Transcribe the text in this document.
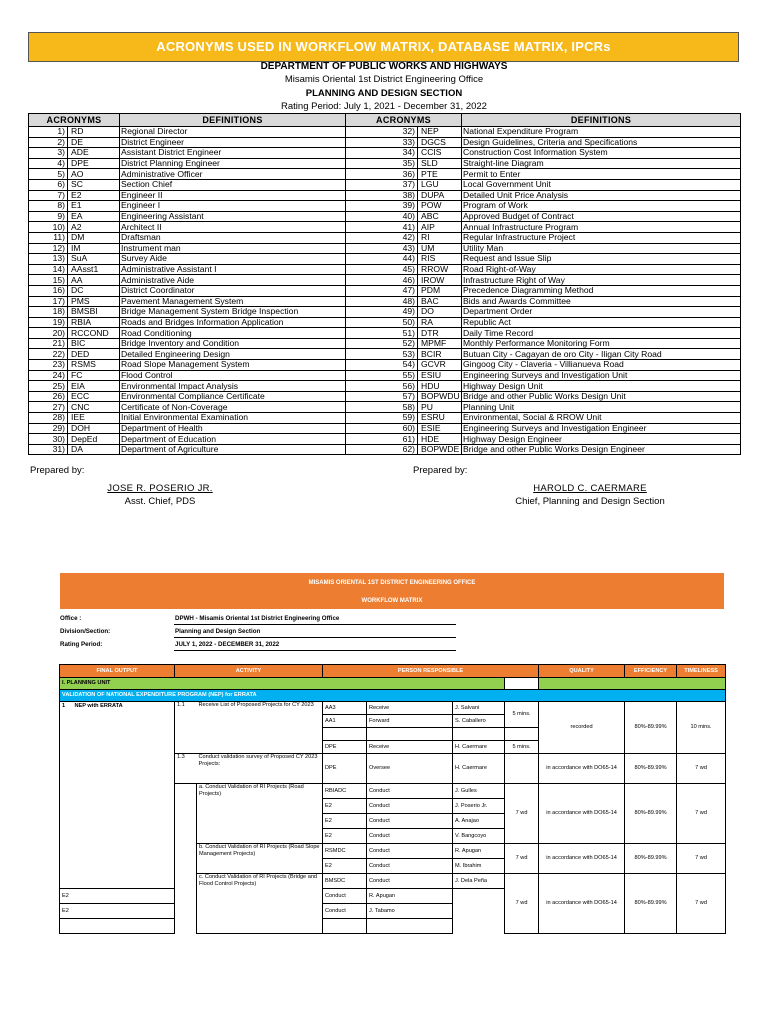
ACRONYMS USED IN WORKFLOW MATRIX, DATABASE MATRIX, IPCRs
DEPARTMENT OF PUBLIC WORKS AND HIGHWAYS
Misamis Oriental 1st District Engineering Office
PLANNING AND DESIGN SECTION
Rating Period: July 1, 2021 - December 31, 2022
ACRONYMS		DEFINITIONS	ACRONYMS		DEFINITIONS
1)	RD	Regional Director	32)	NEP	National Expenditure Program
2)	DE	District Engineer	33)	DGCS	Design Guidelines, Criteria and Specifications
3)	ADE	Assistant District Engineer	34)	CCIS	Construction Cost Information System
4)	DPE	District Planning Engineer	35)	SLD	Straight-line Diagram
5)	AO	Administrative Officer	36)	PTE	Permit to Enter
6)	SC	Section Chief	37)	LGU	Local Government Unit
7)	E2	Engineer II	38)	DUPA	Detailed Unit Price Analysis
8)	E1	Engineer I	39)	POW	Program of Work
9)	EA	Engineering Assistant	40)	ABC	Approved Budget of Contract
10)	A2	Architect II	41)	AIP	Annual Infrastructure Program
11)	DM	Draftsman	42)	RI	Regular Infrastructure Project
12)	IM	Instrument man	43)	UM	Utility Man
13)	SuA	Survey Aide	44)	RIS	Request and Issue Slip
14)	AAsst1	Administrative Assistant I	45)	RROW	Road Right-of-Way
15)	AA	Administrative Aide	46)	IROW	Infrastructure Right of Way
16)	DC	District Coordinator	47)	PDM	Precedence Diagramming Method
17)	PMS	Pavement Management System	48)	BAC	Bids and Awards Committee
18)	BMSBI	Bridge Management System Bridge Inspection	49)	DO	Department Order
19)	RBIA	Roads and Bridges Information Application	50)	RA	Republic Act
20)	RCCOND	Road Conditioning	51)	DTR	Daily Time Record
21)	BIC	Bridge Inventory and Condition	52)	MPMF	Monthly Performance Monitoring Form
22)	DED	Detailed Engineering Design	53)	BCIR	Butuan City - Cagayan de oro City - Iligan City Road
23)	RSMS	Road Slope Management System	54)	GCVR	Gingoog City - Claveria - Villianueva Road
24)	FC	Flood Control	55)	ESIU	Engineering Surveys and Investigation Unit
25)	EIA	Environmental Impact Analysis	56)	HDU	Highway Design Unit
26)	ECC	Environmental Compliance Certificate	57)	BOPWDU	Bridge and other Public Works Design Unit
27)	CNC	Certificate of Non-Coverage	58)	PU	Planning Unit
28)	IEE	Initial Environmental Examination	59)	ESRU	Environmental, Social & RROW Unit
29)	DOH	Department of Health	60)	ESIE	Engineering Surveys and Investigation Engineer
30)	DepEd	Department of Education	61)	HDE	Highway Design Engineer
31)	DA	Department of Agriculture	62)	BOPWDE	Bridge and other Public Works Design Engineer
Prepared by:	Prepared by:
JOSE R. POSERIO JR.
Asst. Chief, PDS
HAROLD C. CAERMARE
Chief, Planning and Design Section
MISAMIS ORIENTAL 1ST DISTRICT ENGINEERING OFFICE
WORKFLOW MATRIX
Office :	DPWH - Misamis Oriental 1st District Engineering Office
Division/Section:	Planning and Design Section
Rating Period:	JULY 1, 2022 - DECEMBER 31, 2022
FINAL OUTPUT	ACTIVITY		PERSON RESPONSIBLE				QUALITY	EFFICIENCY	TIMELINESS
I. PLANNING UNIT									
VALIDATION OF NATIONAL EXPENDITURE PROGRAM (NEP) for ERRATA									
1 NEP with ERRATA	1.1	Receive List of Proposed Projects for CY 2023	AA3	Receive	J. Salvani	5 mins.	recorded	80%-89.99%	10 mins.
			AA1	Forward	S. Caballero				

			DPE	Receive	H. Caermare	5 mins.			
	1.3	Conduct validation survey of Proposed CY 2023 Projects:	DPE	Oversee	H. Caermare		in accordance with DO65-14	80%-89.99%	7 wd
		a. Conduct Validation of RI Projects (Road Projects)	RBIADC	Conduct	J. Gulles	7 wd	in accordance with DO65-14	80%-89.99%	7 wd
			E2	Conduct	J. Poserio Jr.				
			E2	Conduct	A. Anajao				
			E2	Conduct	V. Bangcoyo				
		b. Conduct Validation of RI Projects (Road Slope Management Projects)	RSMDC	Conduct	R. Apugan	7 wd	in accordance with DO65-14	80%-89.99%	7 wd
			E2	Conduct	M. Ibrahim				
		c. Conduct Validation of RI Projects (Bridge and Flood Control Projects)	BMSDC	Conduct	J. Dela Peña	7 wd	in accordance with DO65-14	80%-89.99%	7 wd
E2			Conduct	R. Apugan					
E2			Conduct	J. Tabamo					
